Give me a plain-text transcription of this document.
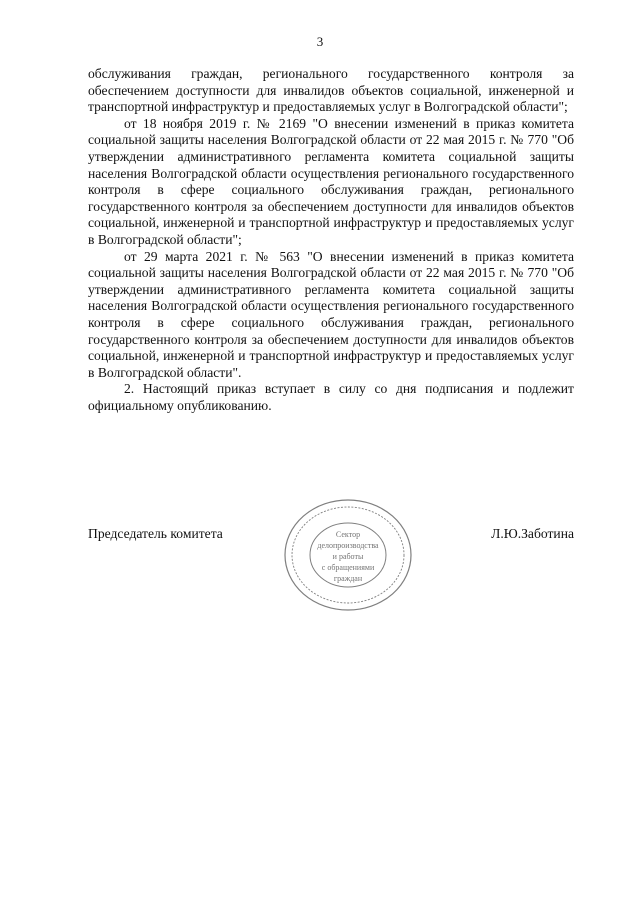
3

обслуживания граждан, регионального государственного контроля за обеспечением доступности для инвалидов объектов социальной, инженерной и транспортной инфраструктур и предоставляемых услуг в Волгоградской области";

от 18 ноября 2019 г. № 2169 "О внесении изменений в приказ комитета социальной защиты населения Волгоградской области от 22 мая 2015 г. № 770 "Об утверждении административного регламента комитета социальной защиты населения Волгоградской области осуществления регионального государственного контроля в сфере социального обслуживания граждан, регионального государственного контроля за обеспечением доступности для инвалидов объектов социальной, инженерной и транспортной инфраструктур и предоставляемых услуг в Волгоградской области";

от 29 марта 2021 г. № 563 "О внесении изменений в приказ комитета социальной защиты населения Волгоградской области от 22 мая 2015 г. № 770 "Об утверждении административного регламента комитета социальной защиты населения Волгоградской области осуществления регионального государственного контроля в сфере социального обслуживания граждан, регионального государственного контроля за обеспечением доступности для инвалидов объектов социальной, инженерной и транспортной инфраструктур и предоставляемых услуг в Волгоградской области".

2. Настоящий приказ вступает в силу со дня подписания и подлежит официальному опубликованию.

Председатель комитета	Л.Ю.Заботина
Сектор
делопроизводства
и работы
с обращениями
граждан
